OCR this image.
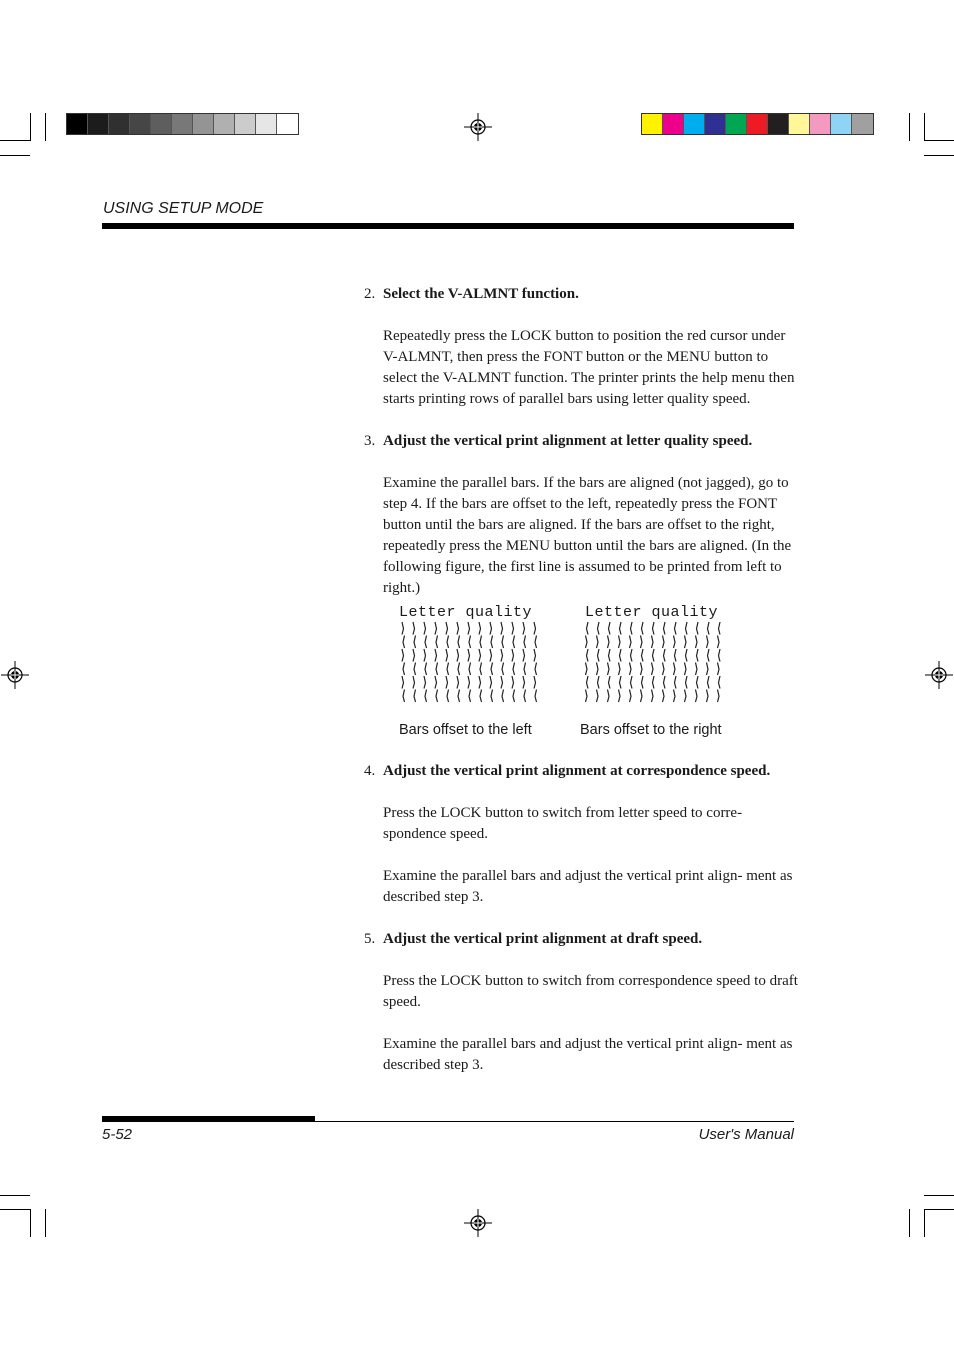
USING SETUP MODE
2. Select the V-ALMNT function.
Repeatedly press the LOCK button to position the red cursor under V-ALMNT, then press the FONT button or the MENU button to select the V-ALMNT function. The printer prints the help menu then starts printing rows of parallel bars using letter quality speed.
3. Adjust the vertical print alignment at letter quality speed.
Examine the parallel bars. If the bars are aligned (not jagged), go to step 4. If the bars are offset to the left, repeatedly press the FONT button until the bars are aligned. If the bars are offset to the right, repeatedly press the MENU button until the bars are aligned. (In the following figure, the first line is assumed to be printed from left to right.)
Letter quality
Bars offset to the left
Letter quality
Bars offset to the right
4. Adjust the vertical print alignment at correspondence speed.
Press the LOCK button to switch from letter speed to corre- spondence speed.
Examine the parallel bars and adjust the vertical print align- ment as described step 3.
5. Adjust the vertical print alignment at draft speed.
Press the LOCK button to switch from correspondence speed to draft speed.
Examine the parallel bars and adjust the vertical print align- ment as described step 3.
5-52	User's Manual
